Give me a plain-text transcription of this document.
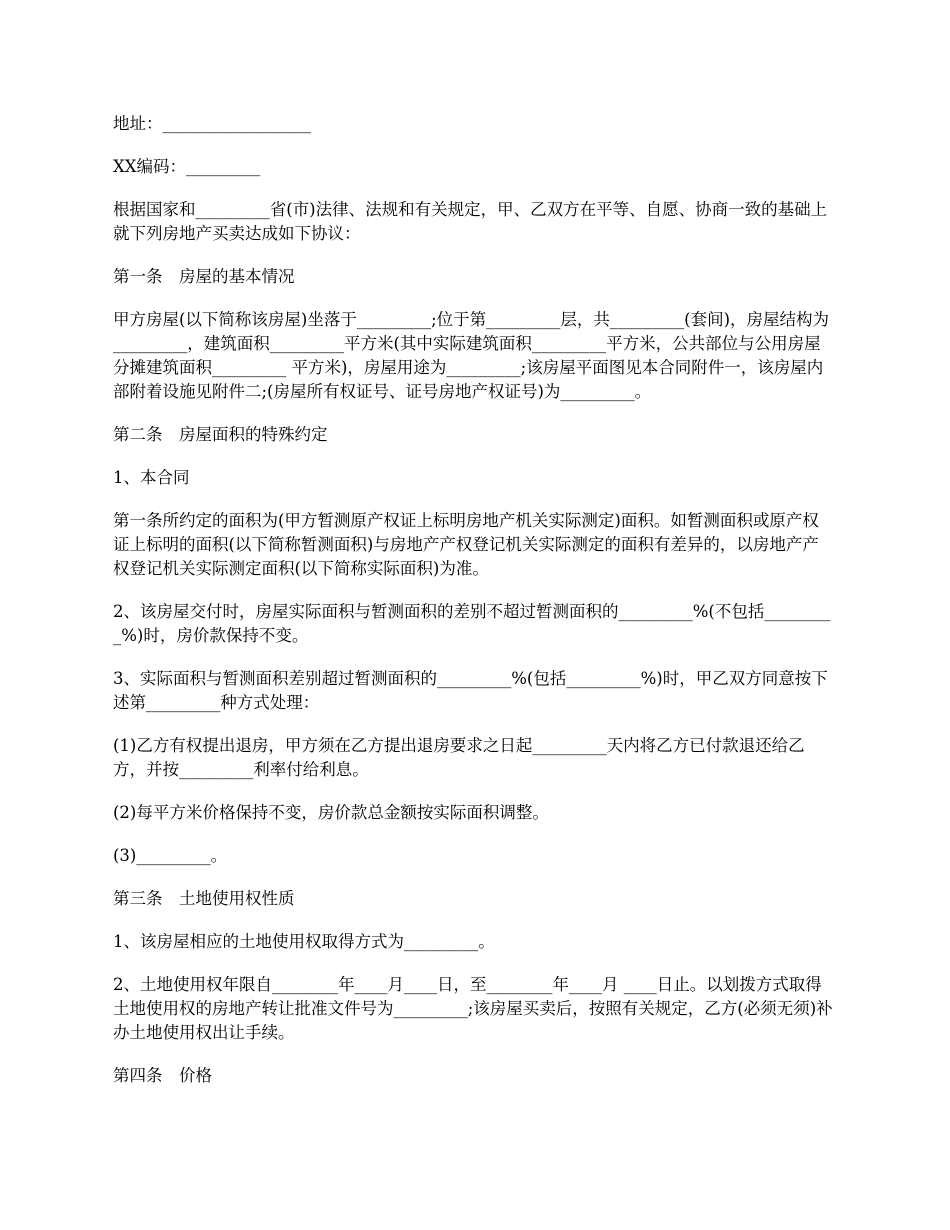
地址：__________________

XX编码：_________

根据国家和_________省(市)法律、法规和有关规定，甲、乙双方在平等、自愿、协商一致的基础上就下列房地产买卖达成如下协议：

第一条　房屋的基本情况

甲方房屋(以下简称该房屋)坐落于_________;位于第_________层，共_________(套间)，房屋结构为 _________，建筑面积_________平方米(其中实际建筑面积_________平方米，公共部位与公用房屋分摊建筑面积_________ 平方米)，房屋用途为_________;该房屋平面图见本合同附件一，该房屋内部附着设施见附件二;(房屋所有权证号、证号房地产权证号)为_________。

第二条　房屋面积的特殊约定

1、本合同

第一条所约定的面积为(甲方暂测原产权证上标明房地产机关实际测定)面积。如暂测面积或原产权证上标明的面积(以下简称暂测面积)与房地产产权登记机关实际测定的面积有差异的，以房地产产权登记机关实际测定面积(以下简称实际面积)为准。

2、该房屋交付时，房屋实际面积与暂测面积的差别不超过暂测面积的_________%(不包括_________%)时，房价款保持不变。

3、实际面积与暂测面积差别超过暂测面积的_________%(包括_________%)时，甲乙双方同意按下述第_________种方式处理：

(1)乙方有权提出退房，甲方须在乙方提出退房要求之日起_________天内将乙方已付款退还给乙方，并按_________利率付给利息。

(2)每平方米价格保持不变，房价款总金额按实际面积调整。

(3)_________。

第三条　土地使用权性质

1、该房屋相应的土地使用权取得方式为_________。

2、土地使用权年限自________年____月____日，至________年____月 ____日止。以划拨方式取得土地使用权的房地产转让批准文件号为_________;该房屋买卖后，按照有关规定，乙方(必须无须)补办土地使用权出让手续。

第四条　价格
